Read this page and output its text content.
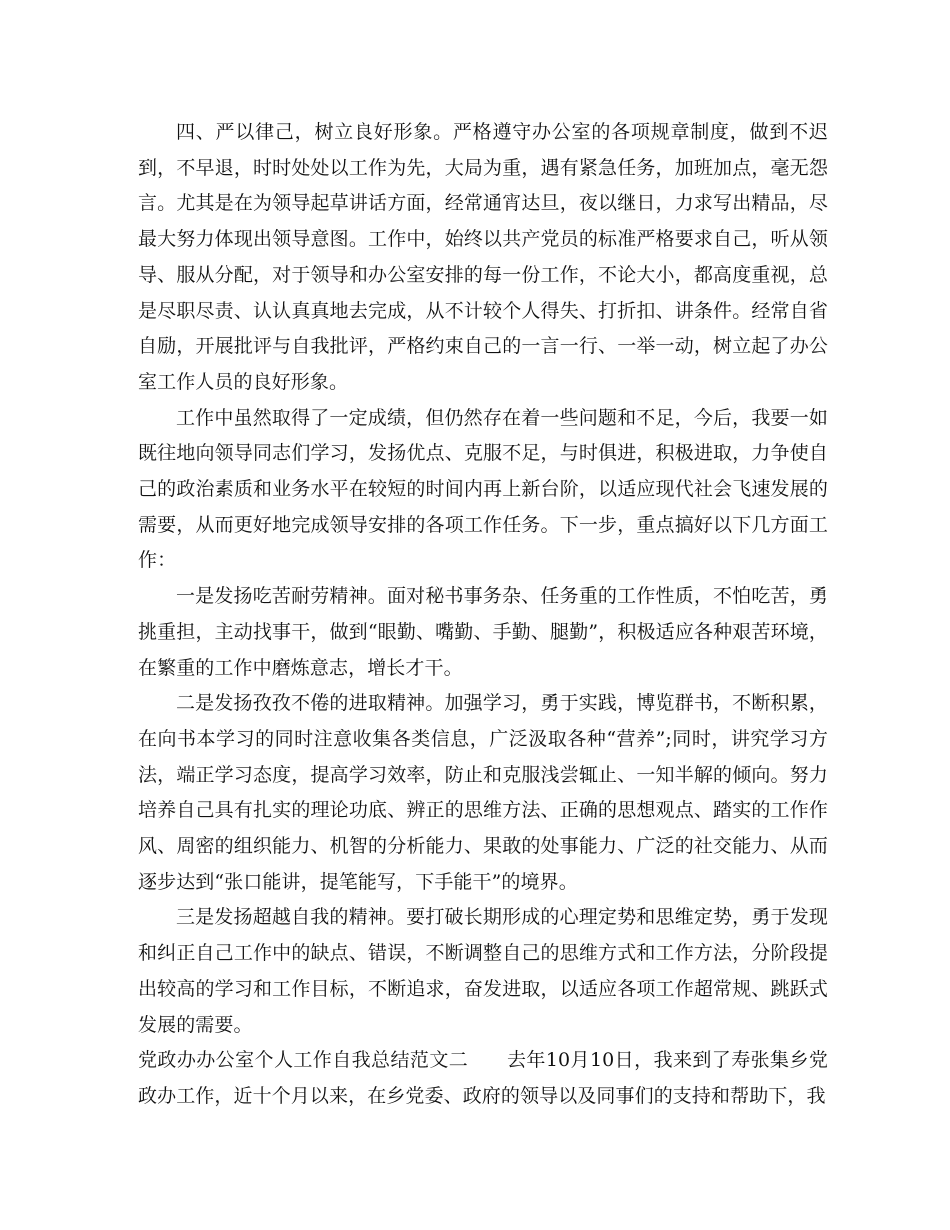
四、严以律己，树立良好形象。严格遵守办公室的各项规章制度，做到不迟到，不早退，时时处处以工作为先，大局为重，遇有紧急任务，加班加点，毫无怨言。尤其是在为领导起草讲话方面，经常通宵达旦，夜以继日，力求写出精品，尽最大努力体现出领导意图。工作中，始终以共产党员的标准严格要求自己，听从领导、服从分配，对于领导和办公室安排的每一份工作，不论大小，都高度重视，总是尽职尽责、认认真真地去完成，从不计较个人得失、打折扣、讲条件。经常自省自励，开展批评与自我批评，严格约束自己的一言一行、一举一动，树立起了办公室工作人员的良好形象。

工作中虽然取得了一定成绩，但仍然存在着一些问题和不足，今后，我要一如既往地向领导同志们学习，发扬优点、克服不足，与时俱进，积极进取，力争使自己的政治素质和业务水平在较短的时间内再上新台阶，以适应现代社会飞速发展的需要，从而更好地完成领导安排的各项工作任务。下一步，重点搞好以下几方面工作：

一是发扬吃苦耐劳精神。面对秘书事务杂、任务重的工作性质，不怕吃苦，勇挑重担，主动找事干，做到“眼勤、嘴勤、手勤、腿勤”，积极适应各种艰苦环境，在繁重的工作中磨炼意志，增长才干。

二是发扬孜孜不倦的进取精神。加强学习，勇于实践，博览群书，不断积累，在向书本学习的同时注意收集各类信息，广泛汲取各种“营养”;同时，讲究学习方法，端正学习态度，提高学习效率，防止和克服浅尝辄止、一知半解的倾向。努力培养自己具有扎实的理论功底、辨正的思维方法、正确的思想观点、踏实的工作作风、周密的组织能力、机智的分析能力、果敢的处事能力、广泛的社交能力、从而逐步达到“张口能讲，提笔能写，下手能干”的境界。

三是发扬超越自我的精神。要打破长期形成的心理定势和思维定势，勇于发现和纠正自己工作中的缺点、错误，不断调整自己的思维方式和工作方法，分阶段提出较高的学习和工作目标，不断追求，奋发进取，以适应各项工作超常规、跳跃式发展的需要。

党政办办公室个人工作自我总结范文二　　去年10月10日，我来到了寿张集乡党政办工作，近十个月以来，在乡党委、政府的领导以及同事们的支持和帮助下，我
